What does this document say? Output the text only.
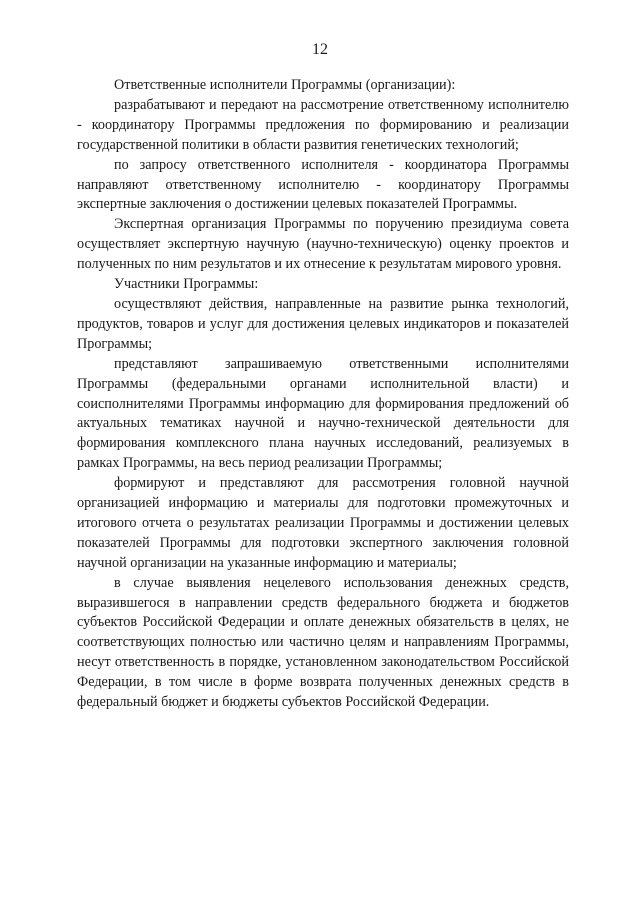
12

Ответственные исполнители Программы (организации):

разрабатывают и передают на рассмотрение ответственному исполнителю - координатору Программы предложения по формированию и реализации государственной политики в области развития генетических технологий;

по запросу ответственного исполнителя - координатора Программы направляют ответственному исполнителю - координатору Программы экспертные заключения о достижении целевых показателей Программы.

Экспертная организация Программы по поручению президиума совета осуществляет экспертную научную (научно-техническую) оценку проектов и полученных по ним результатов и их отнесение к результатам мирового уровня.

Участники Программы:

осуществляют действия, направленные на развитие рынка технологий, продуктов, товаров и услуг для достижения целевых индикаторов и показателей Программы;

представляют запрашиваемую ответственными исполнителями Программы (федеральными органами исполнительной власти) и соисполнителями Программы информацию для формирования предложений об актуальных тематиках научной и научно-технической деятельности для формирования комплексного плана научных исследований, реализуемых в рамках Программы, на весь период реализации Программы;

формируют и представляют для рассмотрения головной научной организацией информацию и материалы для подготовки промежуточных и итогового отчета о результатах реализации Программы и достижении целевых показателей Программы для подготовки экспертного заключения головной научной организации на указанные информацию и материалы;

в случае выявления нецелевого использования денежных средств, выразившегося в направлении средств федерального бюджета и бюджетов субъектов Российской Федерации и оплате денежных обязательств в целях, не соответствующих полностью или частично целям и направлениям Программы, несут ответственность в порядке, установленном законодательством Российской Федерации, в том числе в форме возврата полученных денежных средств в федеральный бюджет и бюджеты субъектов Российской Федерации.
